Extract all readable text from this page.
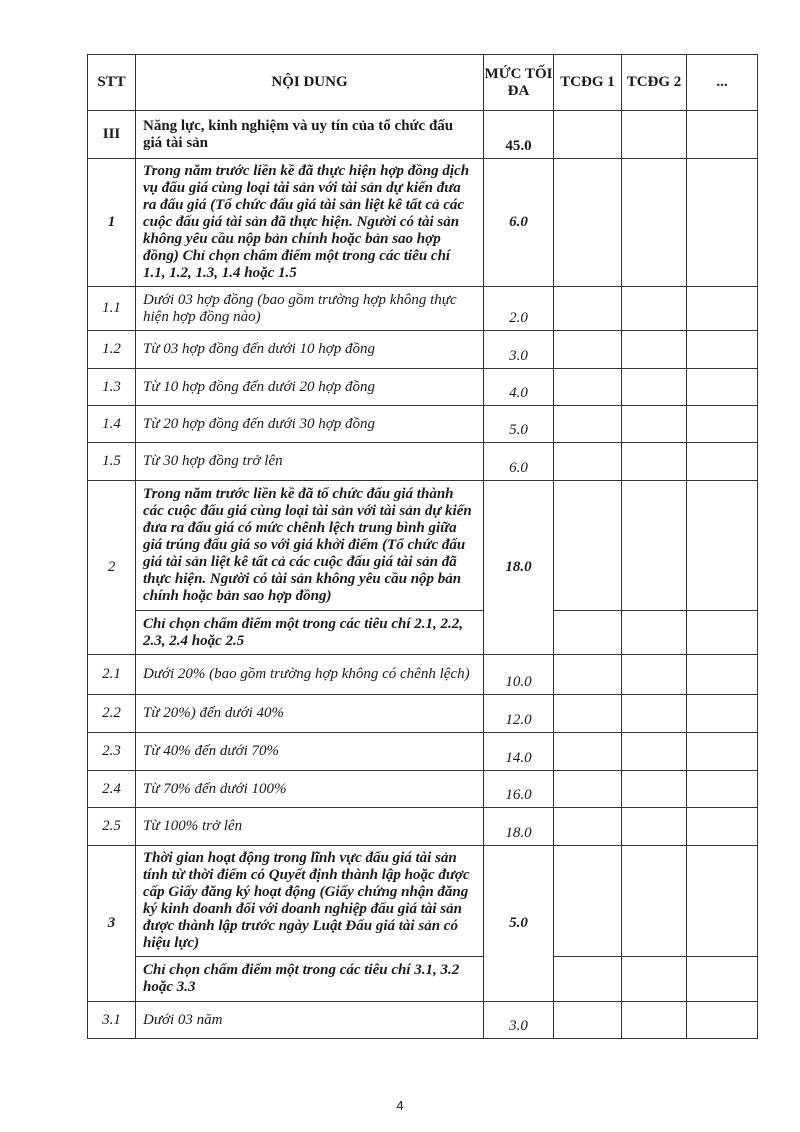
STT	NỘI DUNG	MỨC TỐI ĐA	TCĐG 1	TCĐG 2	...
III	Năng lực, kinh nghiệm và uy tín của tổ chức đấu giá tài sản	45.0			
1	Trong năm trước liền kề đã thực hiện hợp đồng dịch vụ đấu giá cùng loại tài sản với tài sản dự kiến đưa ra đấu giá (Tổ chức đấu giá tài sản liệt kê tất cả các cuộc đấu giá tài sản đã thực hiện. Người có tài sản không yêu cầu nộp bản chính hoặc bản sao hợp đồng) Chỉ chọn chấm điểm một trong các tiêu chí 1.1, 1.2, 1.3, 1.4 hoặc 1.5	6.0			
1.1	Dưới 03 hợp đồng (bao gồm trường hợp không thực hiện hợp đồng nào)	2.0			
1.2	Từ 03 hợp đồng đến dưới 10 hợp đồng	3.0			
1.3	Từ 10 hợp đồng đến dưới 20 hợp đồng	4.0			
1.4	Từ 20 hợp đồng đến dưới 30 hợp đồng	5.0			
1.5	Từ 30 hợp đồng trở lên	6.0			
2	Trong năm trước liền kề đã tổ chức đấu giá thành các cuộc đấu giá cùng loại tài sản với tài sản dự kiến đưa ra đấu giá có mức chênh lệch trung bình giữa giá trúng đấu giá so với giá khởi điểm (Tổ chức đấu giá tài sản liệt kê tất cả các cuộc đấu giá tài sản đã thực hiện. Người có tài sản không yêu cầu nộp bản chính hoặc bản sao hợp đồng)	18.0			
	Chỉ chọn chấm điểm một trong các tiêu chí 2.1, 2.2, 2.3, 2.4 hoặc 2.5				
2.1	Dưới 20% (bao gồm trường hợp không có chênh lệch)	10.0			
2.2	Từ 20%) đến dưới 40%	12.0			
2.3	Từ 40% đến dưới 70%	14.0			
2.4	Từ 70% đến dưới 100%	16.0			
2.5	Từ 100% trở lên	18.0			
3	Thời gian hoạt động trong lĩnh vực đấu giá tài sản tính từ thời điểm có Quyết định thành lập hoặc được cấp Giấy đăng ký hoạt động (Giấy chứng nhận đăng ký kinh doanh đối với doanh nghiệp đấu giá tài sản được thành lập trước ngày Luật Đấu giá tài sản có hiệu lực)	5.0			
	Chỉ chọn chấm điểm một trong các tiêu chí 3.1, 3.2 hoặc 3.3				
3.1	Dưới 03 năm	3.0			
4
